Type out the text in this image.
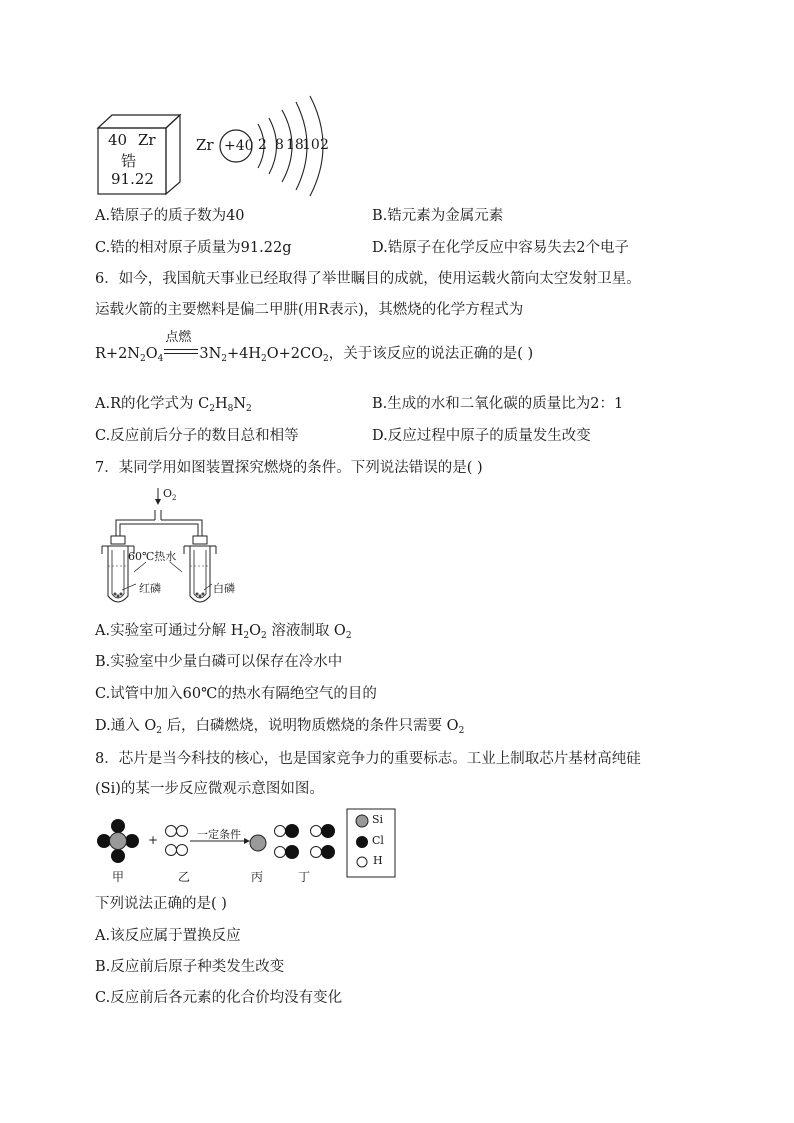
40 Zr
锆
91.22
Zr +40 2 8 18
10 2
A.锆原子的质子数为40	B.锆元素为金属元素
C.锆的相对原子质量为91.22g	D.锆原子在化学反应中容易失去2个电子
6．如今，我国航天事业已经取得了举世瞩目的成就，使用运载火箭向太空发射卫星。
运载火箭的主要燃料是偏二甲肼(用R表示)，其燃烧的化学方程式为
$R+2N_2O_4$
点燃
$3N_2+4H_2O+2CO_2$，关于该反应的说法正确的是( )
A.R的化学式为 $C_2H_8N_2$	B.生成的水和二氧化碳的质量比为2：1
C.反应前后分子的数目总和相等	D.反应过程中原子的质量发生改变
7．某同学用如图装置探究燃烧的条件。下列说法错误的是( )
$O_2$
60℃热水
红磷	白磷
A.实验室可通过分解 $H_2O_2$ 溶液制取 $O_2$
B.实验室中少量白磷可以保存在冷水中
C.试管中加入60℃的热水有隔绝空气的目的
D.通入 $O_2$ 后，白磷燃烧，说明物质燃烧的条件只需要 $O_2$
8．芯片是当今科技的核心，也是国家竞争力的重要标志。工业上制取芯片基材高纯硅
(Si)的某一步反应微观示意图如图。
+	一定条件
甲	乙	丙	丁
Si
Cl
H
下列说法正确的是( )
A.该反应属于置换反应
B.反应前后原子种类发生改变
C.反应前后各元素的化合价均没有变化
